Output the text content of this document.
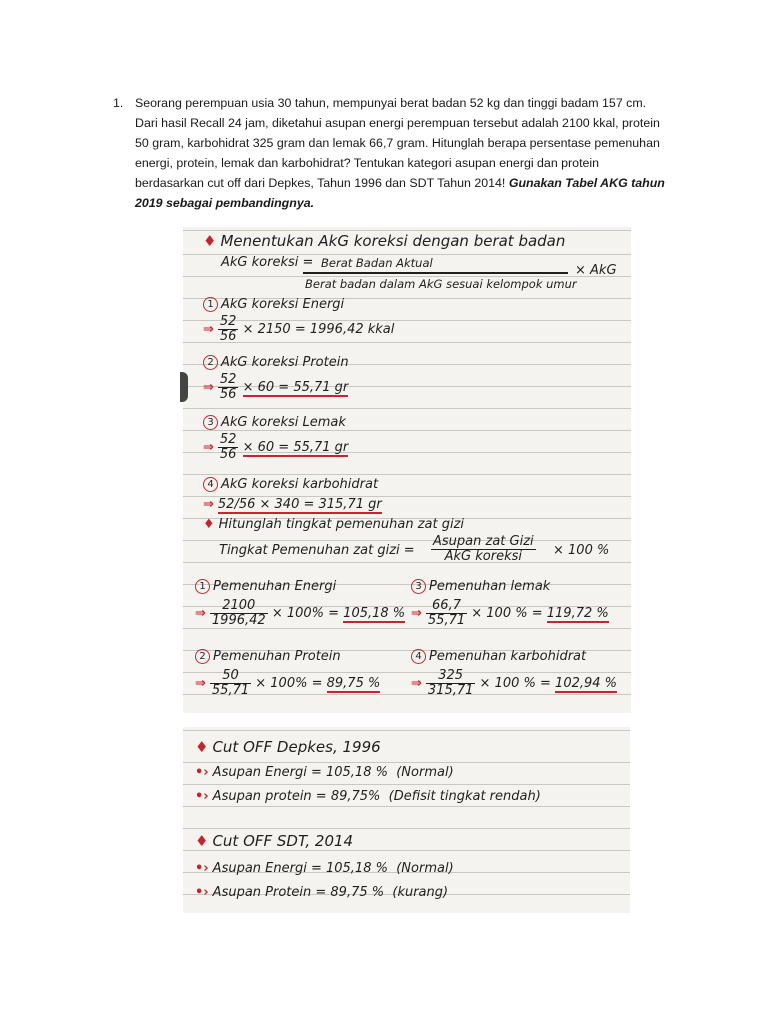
1. Seorang perempuan usia 30 tahun, mempunyai berat badan 52 kg dan tinggi badam 157 cm.
Dari hasil Recall 24 jam, diketahui asupan energi perempuan tersebut adalah 2100 kkal, protein
50 gram, karbohidrat 325 gram dan lemak 66,7 gram. Hitunglah berapa persentase pemenuhan
energi, protein, lemak dan karbohidrat? Tentukan kategori asupan energi dan protein
berdasarkan cut off dari Depkes, Tahun 1996 dan SDT Tahun 2014! Gunakan Tabel AKG tahun
2019 sebagai pembandingnya.
♦ Menentukan AkG koreksi dengan berat badan
AkG koreksi = Berat Badan Aktual
Berat badan dalam AkG sesuai kelompok umur
× AkG
1 AkG koreksi Energi
⇒ $\frac{52}{56} \times 2150 = 1996,42$ kkal
2 AkG koreksi Protein
⇒ $\frac{52}{56} \times 60 = 55,71$ gr
3 AkG koreksi Lemak
⇒ $\frac{52}{56} \times 60 = 55,71$ gr
4 AkG koreksi karbohidrat
⇒ 52/56 × 340 = 315,71 gr
♦ Hitunglah tingkat pemenuhan zat gizi
Tingkat Pemenuhan zat gizi = $\frac{\text{Asupan zat Gizi}}{\text{AkG koreksi}} \times 100$ %
1 Pemenuhan Energi
⇒ $\frac{2100}{1996,42} \times 100\% = 105,18$ %
3 Pemenuhan lemak
⇒ $\frac{66,7}{55,71} \times 100$ % = 119,72 %
2 Pemenuhan Protein
⇒ $\frac{50}{55,71} \times 100\% = 89,75$ %
4 Pemenuhan karbohidrat
⇒ $\frac{325}{315,71} \times 100$ % = 102,94 %
♦ Cut OFF Depkes, 1996
•› Asupan Energi = 105,18 % (Normal)
•› Asupan protein = 89,75% (Defisit tingkat rendah)
♦ Cut OFF SDT, 2014
•› Asupan Energi = 105,18 % (Normal)
•› Asupan Protein = 89,75 % (kurang)
